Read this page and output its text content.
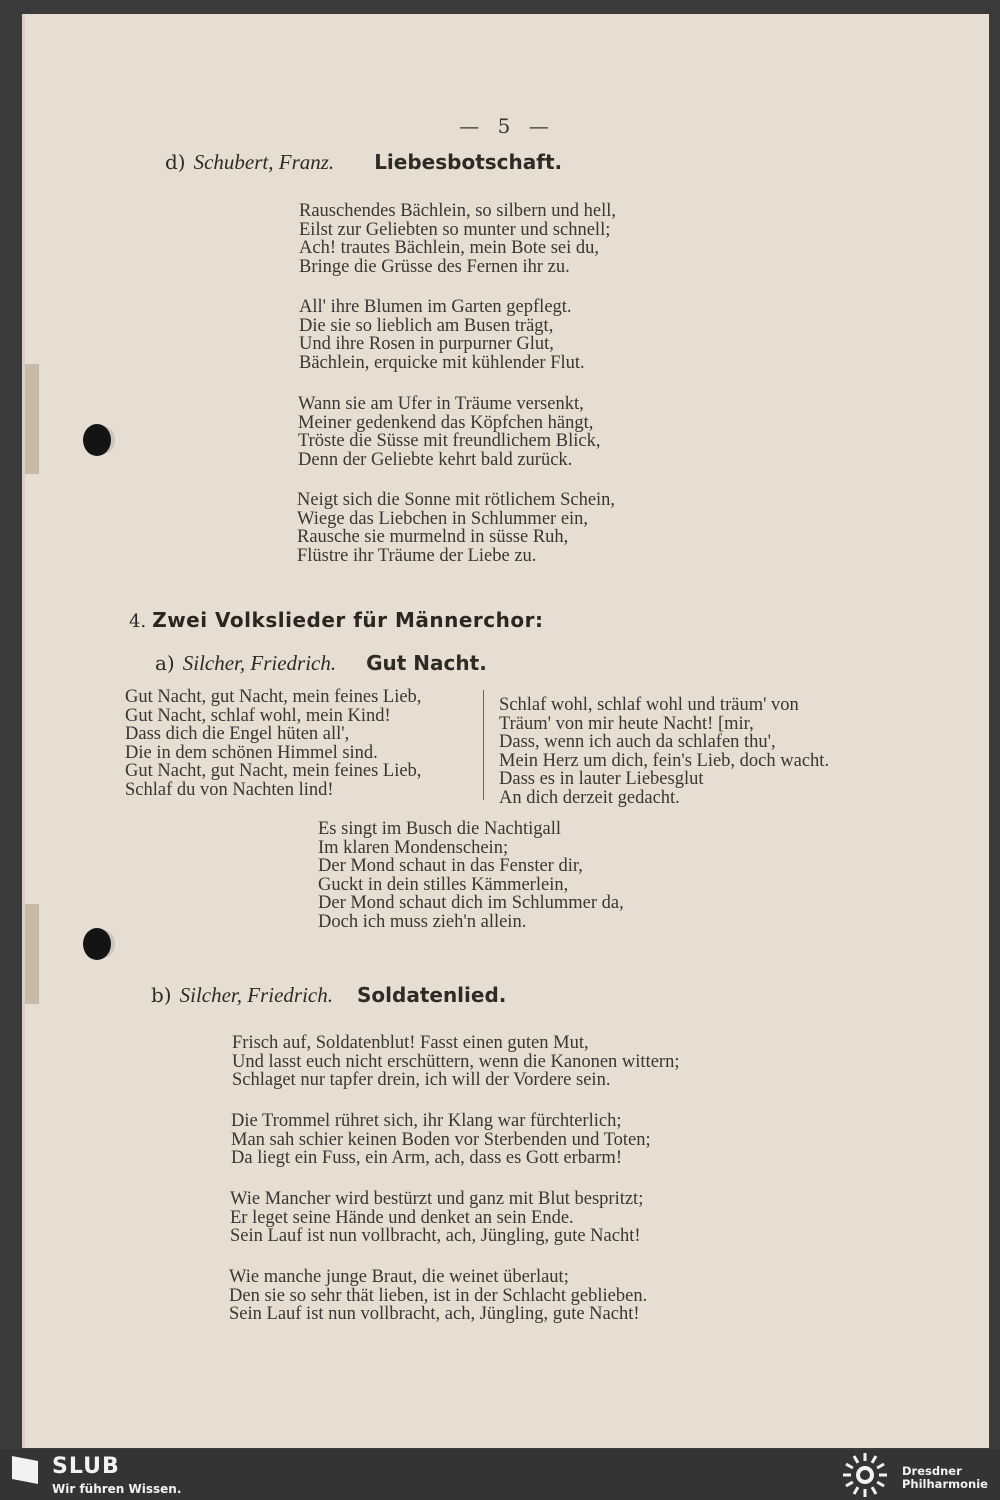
— 5 —
d) Schubert, Franz. Liebesbotschaft.
Rauschendes Bächlein, so silbern und hell,
Eilst zur Geliebten so munter und schnell;
Ach! trautes Bächlein, mein Bote sei du,
Bringe die Grüsse des Fernen ihr zu.
All' ihre Blumen im Garten gepflegt.
Die sie so lieblich am Busen trägt,
Und ihre Rosen in purpurner Glut,
Bächlein, erquicke mit kühlender Flut.
Wann sie am Ufer in Träume versenkt,
Meiner gedenkend das Köpfchen hängt,
Tröste die Süsse mit freundlichem Blick,
Denn der Geliebte kehrt bald zurück.
Neigt sich die Sonne mit rötlichem Schein,
Wiege das Liebchen in Schlummer ein,
Rausche sie murmelnd in süsse Ruh,
Flüstre ihr Träume der Liebe zu.
4. Zwei Volkslieder für Männerchor:
a) Silcher, Friedrich. Gut Nacht.
Gut Nacht, gut Nacht, mein feines Lieb,
Gut Nacht, schlaf wohl, mein Kind!
Dass dich die Engel hüten all',
Die in dem schönen Himmel sind.
Gut Nacht, gut Nacht, mein feines Lieb,
Schlaf du von Nachten lind!
Schlaf wohl, schlaf wohl und träum' von
Träum' von mir heute Nacht! [mir,
Dass, wenn ich auch da schlafen thu',
Mein Herz um dich, fein's Lieb, doch wacht.
Dass es in lauter Liebesglut
An dich derzeit gedacht.
Es singt im Busch die Nachtigall
Im klaren Mondenschein;
Der Mond schaut in das Fenster dir,
Guckt in dein stilles Kämmerlein,
Der Mond schaut dich im Schlummer da,
Doch ich muss zieh'n allein.
b) Silcher, Friedrich. Soldatenlied.
Frisch auf, Soldatenblut! Fasst einen guten Mut,
Und lasst euch nicht erschüttern, wenn die Kanonen wittern;
Schlaget nur tapfer drein, ich will der Vordere sein.
Die Trommel rühret sich, ihr Klang war fürchterlich;
Man sah schier keinen Boden vor Sterbenden und Toten;
Da liegt ein Fuss, ein Arm, ach, dass es Gott erbarm!
Wie Mancher wird bestürzt und ganz mit Blut bespritzt;
Er leget seine Hände und denket an sein Ende.
Sein Lauf ist nun vollbracht, ach, Jüngling, gute Nacht!
Wie manche junge Braut, die weinet überlaut;
Den sie so sehr thät lieben, ist in der Schlacht geblieben.
Sein Lauf ist nun vollbracht, ach, Jüngling, gute Nacht!
SLUB
Wir führen Wissen.
Dresdner
Philharmonie
